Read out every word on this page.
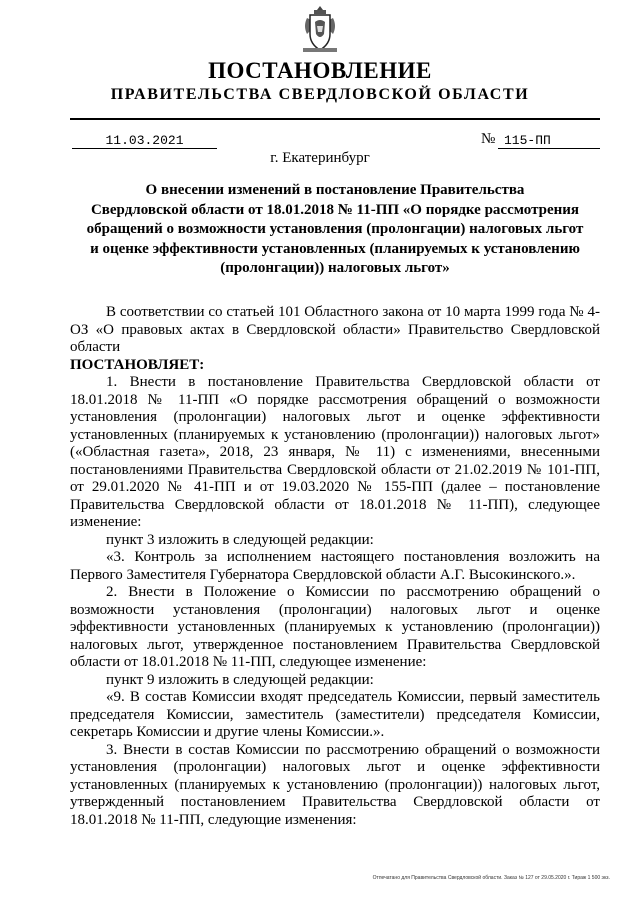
ПОСТАНОВЛЕНИЕ
ПРАВИТЕЛЬСТВА СВЕРДЛОВСКОЙ ОБЛАСТИ
11.03.2021	№ 115-ПП
г. Екатеринбург
О внесении изменений в постановление Правительства
Свердловской области от 18.01.2018 № 11-ПП «О порядке рассмотрения
обращений о возможности установления (пролонгации) налоговых льгот
и оценке эффективности установленных (планируемых к установлению
(пролонгации)) налоговых льгот»

В соответствии со статьей 101 Областного закона от 10 марта 1999 года № 4-ОЗ «О правовых актах в Свердловской области» Правительство Свердловской области

ПОСТАНОВЛЯЕТ:

1. Внести в постановление Правительства Свердловской области от 18.01.2018 № 11-ПП «О порядке рассмотрения обращений о возможности установления (пролонгации) налоговых льгот и оценке эффективности установленных (планируемых к установлению (пролонгации)) налоговых льгот» («Областная газета», 2018, 23 января, № 11) с изменениями, внесенными постановлениями Правительства Свердловской области от 21.02.2019 № 101-ПП, от 29.01.2020 № 41-ПП и от 19.03.2020 № 155-ПП (далее – постановление Правительства Свердловской области от 18.01.2018 № 11-ПП), следующее изменение:

пункт 3 изложить в следующей редакции:

«3. Контроль за исполнением настоящего постановления возложить на Первого Заместителя Губернатора Свердловской области А.Г. Высокинского.».

2. Внести в Положение о Комиссии по рассмотрению обращений о возможности установления (пролонгации) налоговых льгот и оценке эффективности установленных (планируемых к установлению (пролонгации)) налоговых льгот, утвержденное постановлением Правительства Свердловской области от 18.01.2018 № 11-ПП, следующее изменение:

пункт 9 изложить в следующей редакции:

«9. В состав Комиссии входят председатель Комиссии, первый заместитель председателя Комиссии, заместитель (заместители) председателя Комиссии, секретарь Комиссии и другие члены Комиссии.».

3. Внести в состав Комиссии по рассмотрению обращений о возможности установления (пролонгации) налоговых льгот и оценке эффективности установленных (планируемых к установлению (пролонгации)) налоговых льгот, утвержденный постановлением Правительства Свердловской области от 18.01.2018 № 11-ПП, следующие изменения:

Отпечатано для Правительства Свердловской области. Заказ № 127 от 29.05.2020 г. Тираж 1 500 экз.
